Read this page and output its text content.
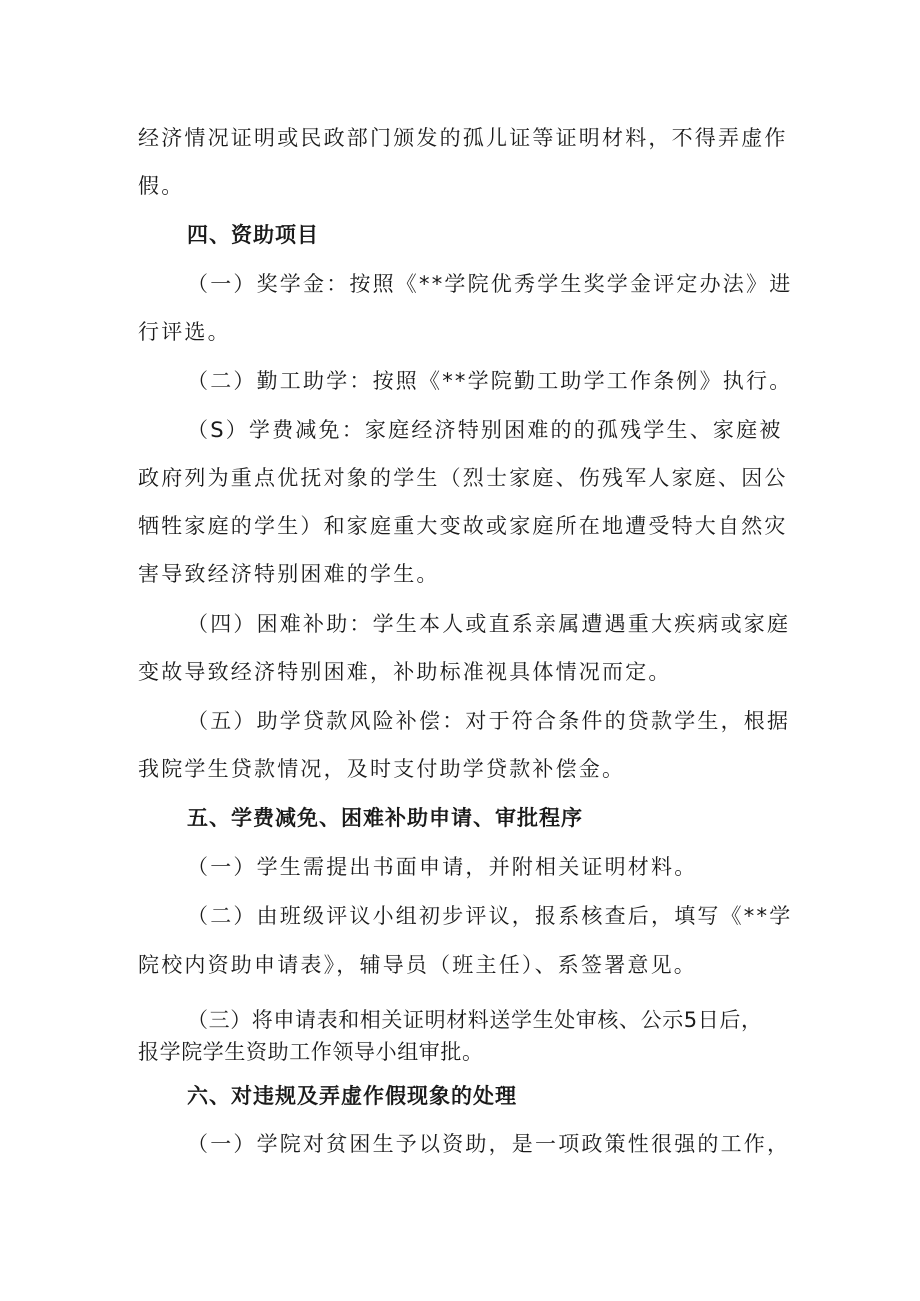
经济情况证明或民政部门颁发的孤儿证等证明材料，不得弄虚作
假。
四、资助项目
（一）奖学金：按照《**学院优秀学生奖学金评定办法》进
行评选。
（二）勤工助学：按照《**学院勤工助学工作条例》执行。
（S）学费减免：家庭经济特别困难的的孤残学生、家庭被
政府列为重点优抚对象的学生（烈士家庭、伤残军人家庭、因公
牺牲家庭的学生）和家庭重大变故或家庭所在地遭受特大自然灾
害导致经济特别困难的学生。
（四）困难补助：学生本人或直系亲属遭遇重大疾病或家庭
变故导致经济特别困难，补助标准视具体情况而定。
（五）助学贷款风险补偿：对于符合条件的贷款学生，根据
我院学生贷款情况，及时支付助学贷款补偿金。
五、学费减免、困难补助申请、审批程序
（一）学生需提出书面申请，并附相关证明材料。
（二）由班级评议小组初步评议，报系核查后，填写《**学
院校内资助申请表》，辅导员（班主任）、系签署意见。
（三）将申请表和相关证明材料送学生处审核、公示5日后，
报学院学生资助工作领导小组审批。
六、对违规及弄虚作假现象的处理
（一）学院对贫困生予以资助，是一项政策性很强的工作，
